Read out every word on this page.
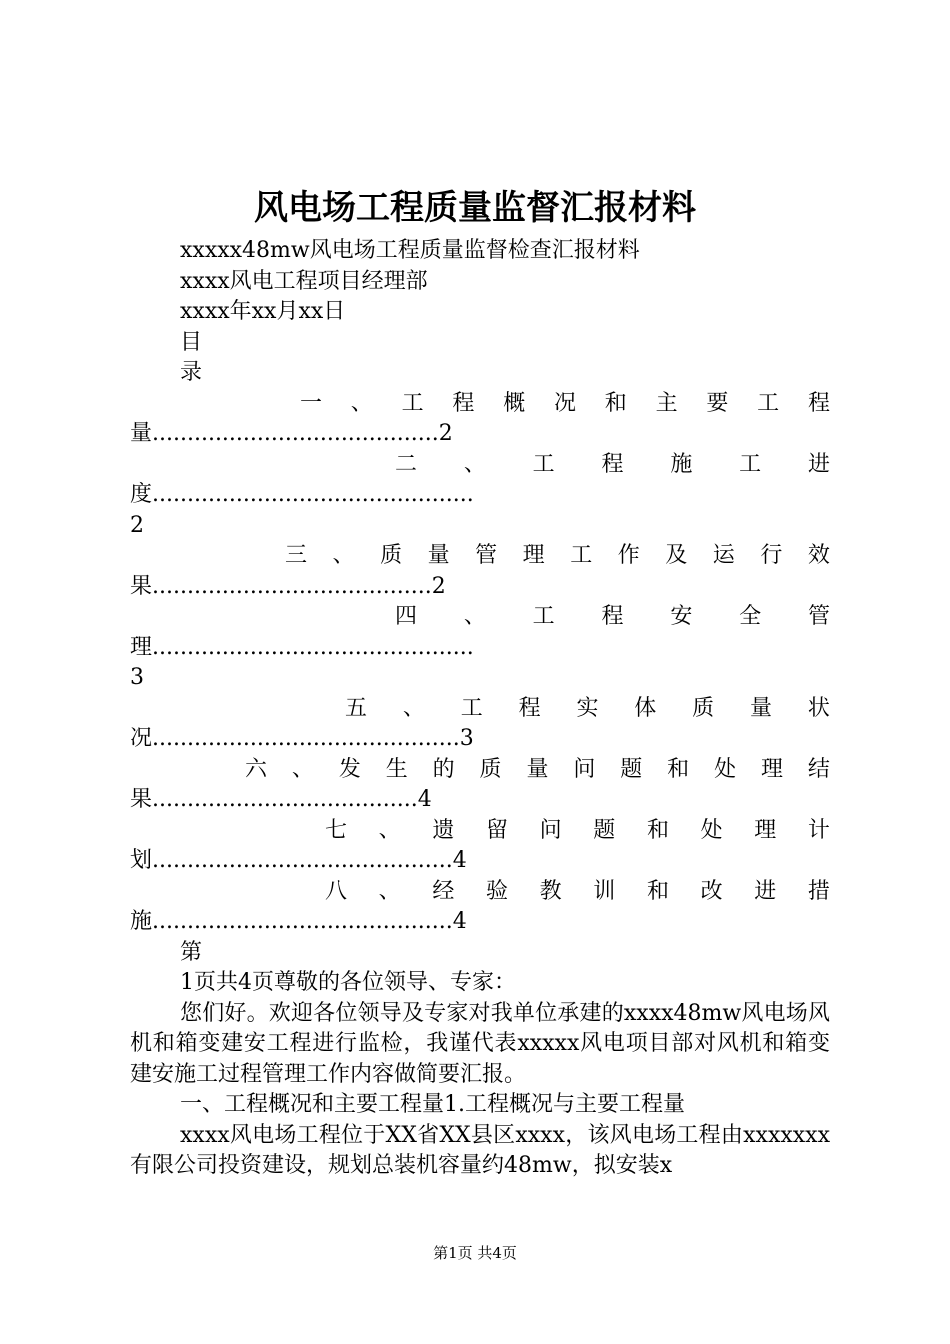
风电场工程质量监督汇报材料
xxxxx48mw风电场工程质量监督检查汇报材料
xxxx风电工程项目经理部
xxxx年xx月xx日
目
录
一 、 工 程 概 况 和 主 要 工 程
量.........................................2
二 、 工 程 施 工 进
度..............................................
2
三 、 质 量 管 理 工 作 及 运 行 效
果........................................2
四 、 工 程 安 全 管
理..............................................
3
五 、 工 程 实 体 质 量 状
况............................................3
六 、 发 生 的 质 量 问 题 和 处 理 结
果......................................4
七 、 遗 留 问 题 和 处 理 计
划...........................................4
八 、 经 验 教 训 和 改 进 措
施...........................................4
第
1页共4页尊敬的各位领导、专家：
您们好。欢迎各位领导及专家对我单位承建的xxxx48mw风电场风机和箱变建安工程进行监检，我谨代表xxxxx风电项目部对风机和箱变建安施工过程管理工作内容做简要汇报。
一、工程概况和主要工程量1.工程概况与主要工程量
xxxx风电场工程位于XX省XX县区xxxx，该风电场工程由xxxxxxx有限公司投资建设，规划总装机容量约48mw，拟安装x
第1页 共4页
